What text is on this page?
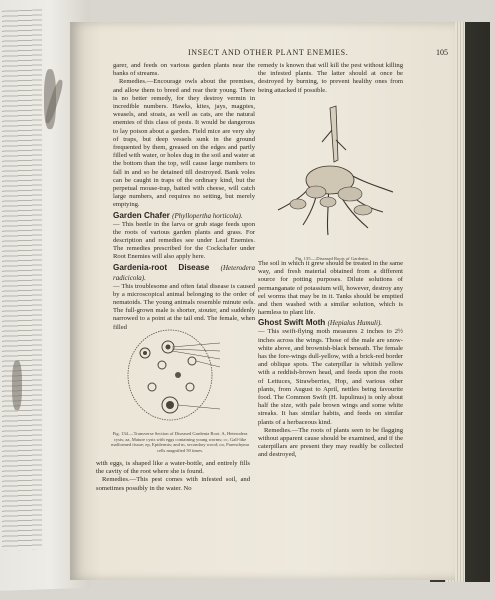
INSECT AND OTHER PLANT ENEMIES.	105

garer, and feeds on various garden plants near the banks of streams.

Remedies.—Encourage owls about the premises, and allow them to breed and rear their young. There is no better remedy, for they destroy vermin in incredible numbers. Hawks, kites, jays, magpies, weasels, and stoats, as well as cats, are the natural enemies of this class of pests. It would be dangerous to lay poison about a garden. Field mice are very shy of traps, but deep vessels sunk in the ground frequented by them, greased on the edges and partly filled with water, or holes dug in the soil and water at the bottom than the top, will cause large numbers to fall in and so be detained till destroyed. Bank voles can be caught in traps of the ordinary kind, but the perpetual mouse-trap, baited with cheese, will catch large numbers, and requires no setting, but merely emptying.

Garden Chafer (Phyllopertha horticola).

— This beetle in the larva or grub stage feeds upon the roots of various garden plants and grass. For description and remedies see under Leaf Enemies. The remedies prescribed for the Cockchafer under Root Enemies will also apply here.

Gardenia-root Disease (Heterodera radicicola).

— This troublesome and often fatal disease is caused by a microscopical animal belonging to the order of nematoids. The young animals resemble minute eels. The full-grown male is shorter, stouter, and suddenly narrowed to a point at the tail end. The female, when filled

Fig. 134.—Transverse Section of Diseased Gardenia Root. A, Heterodera cysts; aa, Mature cysts with eggs containing young worms; cc, Gall-like malformed tissue; ep, Epidermis; and m, secondary wood; oo, Parenchyma cells magnified 50 times.

with eggs, is shaped like a water-bottle, and entirely fills the cavity of the root where she is found.

Remedies.—This pest comes with infested soil, and sometimes possibly in the water. No

remedy is known that will kill the pest without killing the infested plants. The latter should at once be destroyed by burning, to prevent healthy ones from being attacked if possible.

Fig. 135.—Diseased Roots of Gardenia.

The soil in which it grew should be treated in the same way, and fresh material obtained from a different source for potting purposes. Dilute solutions of permanganate of potassium will, however, destroy any eel worms that may be in it. Tanks should be emptied and then washed with a similar solution, which is harmless to plant life.

Ghost Swift Moth (Hepialus Humuli).

— This swift-flying moth measures 2 inches to 2½ inches across the wings. Those of the male are snow-white above, and brownish-black beneath. The female has the fore-wings dull-yellow, with a brick-red border and oblique spots. The caterpillar is whitish yellow with a reddish-brown head, and feeds upon the roots of Lettuces, Strawberries, Hop, and various other plants, from August to April, nettles being favourite food. The Common Swift (H. lupulinus) is only about half the size, with pale brown wings and some white streaks. It has similar habits, and feeds on similar plants of a herbaceous kind.

Remedies.—The roots of plants seen to be flagging without apparent cause should be examined, and if the caterpillars are present they may readily be collected and destroyed,
